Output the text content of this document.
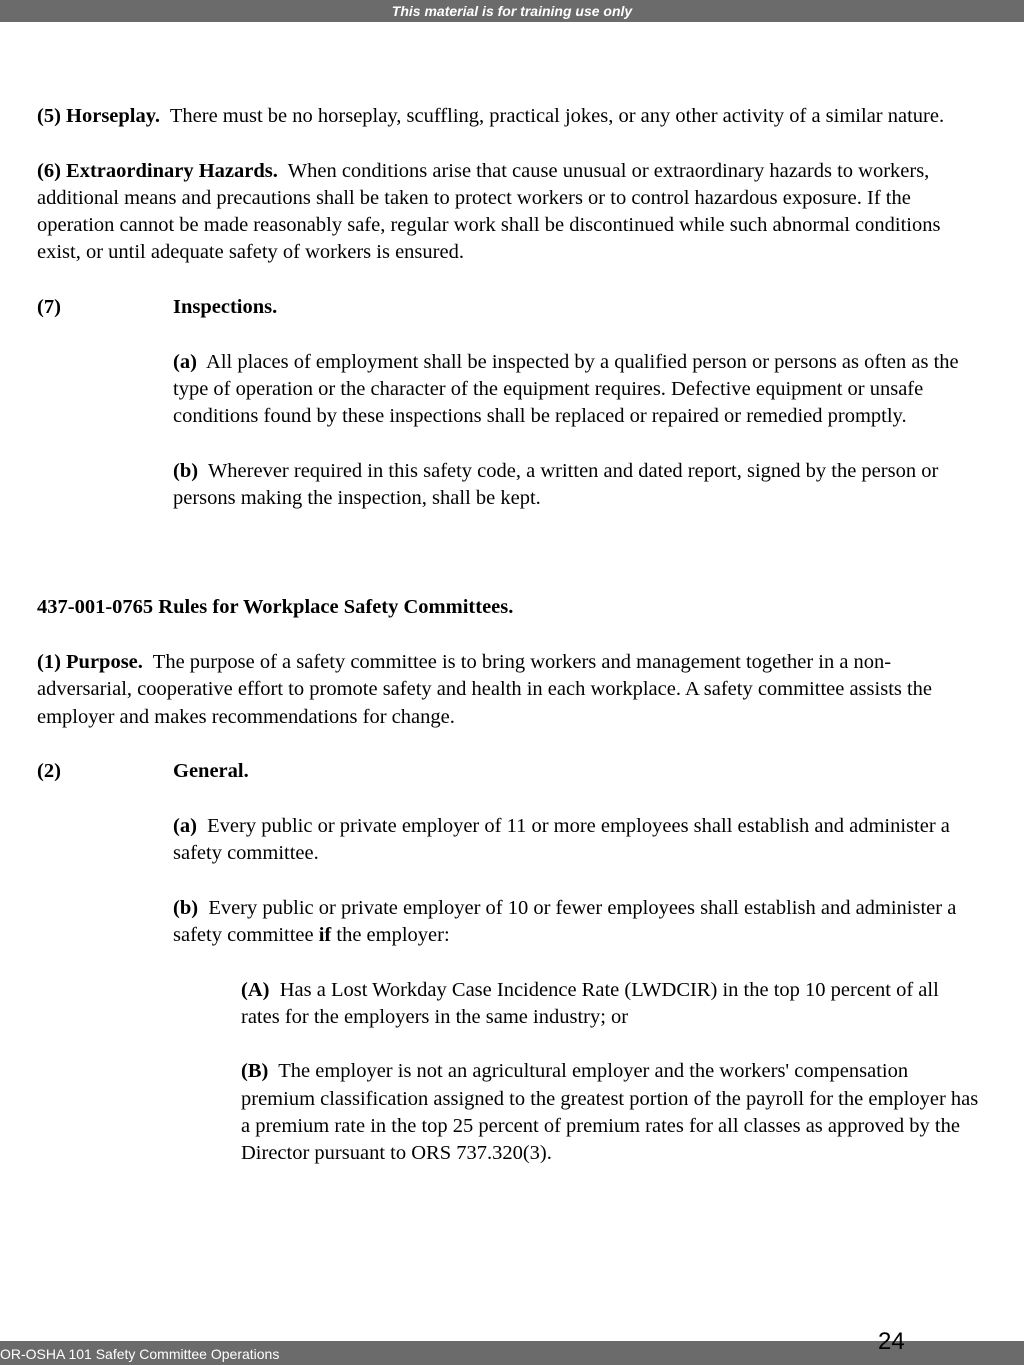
This material is for training use only

(5) Horseplay. There must be no horseplay, scuffling, practical jokes, or any other activity of a similar nature.

(6) Extraordinary Hazards. When conditions arise that cause unusual or extraordinary hazards to workers, additional means and precautions shall be taken to protect workers or to control hazardous exposure. If the operation cannot be made reasonably safe, regular work shall be discontinued while such abnormal conditions exist, or until adequate safety of workers is ensured.

(7)	Inspections.

(a) All places of employment shall be inspected by a qualified person or persons as often as the type of operation or the character of the equipment requires. Defective equipment or unsafe conditions found by these inspections shall be replaced or repaired or remedied promptly.

(b) Wherever required in this safety code, a written and dated report, signed by the person or persons making the inspection, shall be kept.

437-001-0765 Rules for Workplace Safety Committees.

(1) Purpose. The purpose of a safety committee is to bring workers and management together in a non-adversarial, cooperative effort to promote safety and health in each workplace. A safety committee assists the employer and makes recommendations for change.

(2)	General.

(a) Every public or private employer of 11 or more employees shall establish and administer a safety committee.

(b) Every public or private employer of 10 or fewer employees shall establish and administer a safety committee if the employer:

(A) Has a Lost Workday Case Incidence Rate (LWDCIR) in the top 10 percent of all rates for the employers in the same industry; or

(B) The employer is not an agricultural employer and the workers' compensation premium classification assigned to the greatest portion of the payroll for the employer has a premium rate in the top 25 percent of premium rates for all classes as approved by the Director pursuant to ORS 737.320(3).

OR-OSHA 101 Safety Committee Operations	24
